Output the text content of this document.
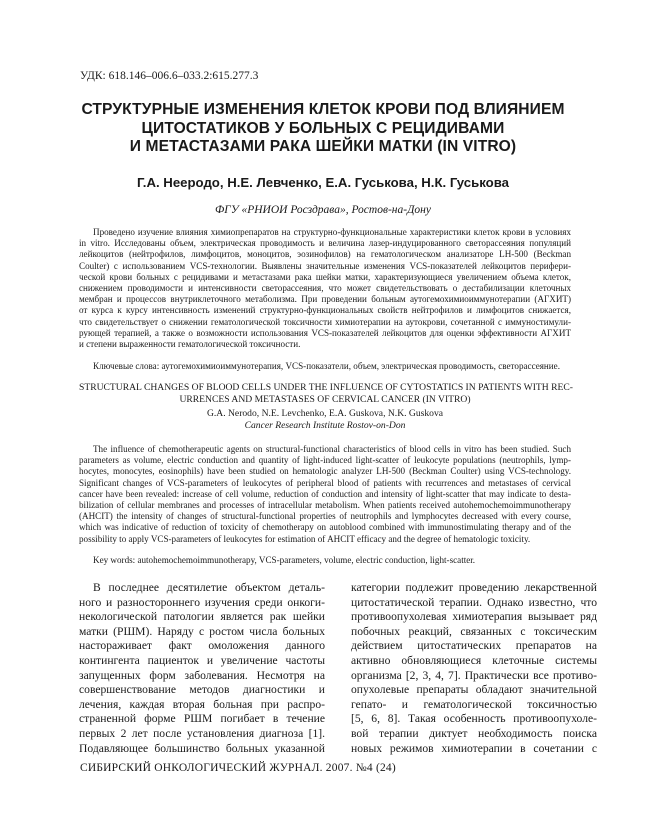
УДК: 618.146–006.6–033.2:615.277.3
СТРУКТУРНЫЕ ИЗМЕНЕНИЯ КЛЕТОК КРОВИ ПОД ВЛИЯНИЕМ
ЦИТОСТАТИКОВ У БОЛЬНЫХ С РЕЦИДИВАМИ
И МЕТАСТАЗАМИ РАКА ШЕЙКИ МАТКИ (IN VITRO)
Г.А. Нееродо, Н.Е. Левченко, Е.А. Гуськова, Н.К. Гуськова
ФГУ «РНИОИ Росздрава», Ростов-на-Дону
Проведено изучение влияния химиопрепаратов на структурно-функциональные характеристики клеток крови в условиях
in vitro. Исследованы объем, электрическая проводимость и величина лазер-индуцированного светорассеяния популяций
лейкоцитов (нейтрофилов, лимфоцитов, моноцитов, эозинофилов) на гематологическом анализаторе LH-500 (Beckman
Coulter) с использованием VCS-технологии. Выявлены значительные изменения VCS-показателей лейкоцитов перифери-
ческой крови больных с рецидивами и метастазами рака шейки матки, характеризующиеся увеличением объема клеток,
снижением проводимости и интенсивности светорассеяния, что может свидетельствовать о дестабилизации клеточных
мембран и процессов внутриклеточного метаболизма. При проведении больным аутогемохимиоиммунотерапии (АГХИТ)
от курса к курсу интенсивность изменений структурно-функциональных свойств нейтрофилов и лимфоцитов снижается,
что свидетельствует о снижении гематологической токсичности химиотерапии на аутокрови, сочетанной с иммуностимули-
рующей терапией, а также о возможности использования VCS-показателей лейкоцитов для оценки эффективности АГХИТ
и степени выраженности гематологической токсичности.
Ключевые слова: аутогемохимиоиммунотерапия, VCS-показатели, объем, электрическая проводимость, светорассеяние.
STRUCTURAL CHANGES OF BLOOD CELLS UNDER THE INFLUENCE OF CYTOSTATICS IN PATIENTS WITH REC-
URRENCES AND METASTASES OF CERVICAL CANCER (IN VITRO)
G.A. Nerodo, N.E. Levchenko, E.A. Guskova, N.K. Guskova
Cancer Research Institute Rostov-on-Don
The influence of chemotherapeutic agents on structural-functional characteristics of blood cells in vitro has been studied. Such
parameters as volume, electric conduction and quantity of light-induced light-scatter of leukocyte populations (neutrophils, lymp-
hocytes, monocytes, eosinophils) have been studied on hematologic analyzer LH-500 (Beckman Coulter) using VCS-technology.
Significant changes of VCS-parameters of leukocytes of peripheral blood of patients with recurrences and metastases of cervical
cancer have been revealed: increase of cell volume, reduction of conduction and intensity of light-scatter that may indicate to desta-
bilization of cellular membranes and processes of intracellular metabolism. When patients received autohemochemoimmunotherapy
(AHCIT) the intensity of changes of structural-functional properties of neutrophils and lymphocytes decreased with every course,
which was indicative of reduction of toxicity of chemotherapy on autoblood combined with immunostimulating therapy and of the
possibility to apply VCS-parameters of leukocytes for estimation of AHCIT efficacy and the degree of hematologic toxicity.
Key words: autohemochemoimmunotherapy, VCS-parameters, volume, electric conduction, light-scatter.
В последнее десятилетие объектом деталь-
ного и разностороннего изучения среди онкоги-
некологической патологии является рак шейки
матки (РШМ). Наряду с ростом числа больных
настораживает факт омоложения данного
контингента пациенток и увеличение частоты
запущенных форм заболевания. Несмотря на
совершенствование методов диагностики и
лечения, каждая вторая больная при распро-
страненной форме РШМ погибает в течение
первых 2 лет после установления диагноза [1].
Подавляющее большинство больных указанной
категории подлежит проведению лекарственной
цитостатической терапии. Однако известно, что
противоопухолевая химиотерапия вызывает ряд
побочных реакций, связанных с токсическим
действием цитостатических препаратов на
активно обновляющиеся клеточные системы
организма [2, 3, 4, 7]. Практически все противо-
опухолевые препараты обладают значительной
гепато- и гематологической токсичностью
[5, 6, 8]. Такая особенность противоопухоле-
вой терапии диктует необходимость поиска
новых режимов химиотерапии в сочетании с
СИБИРСКИЙ ОНКОЛОГИЧЕСКИЙ ЖУРНАЛ. 2007. №4 (24)
